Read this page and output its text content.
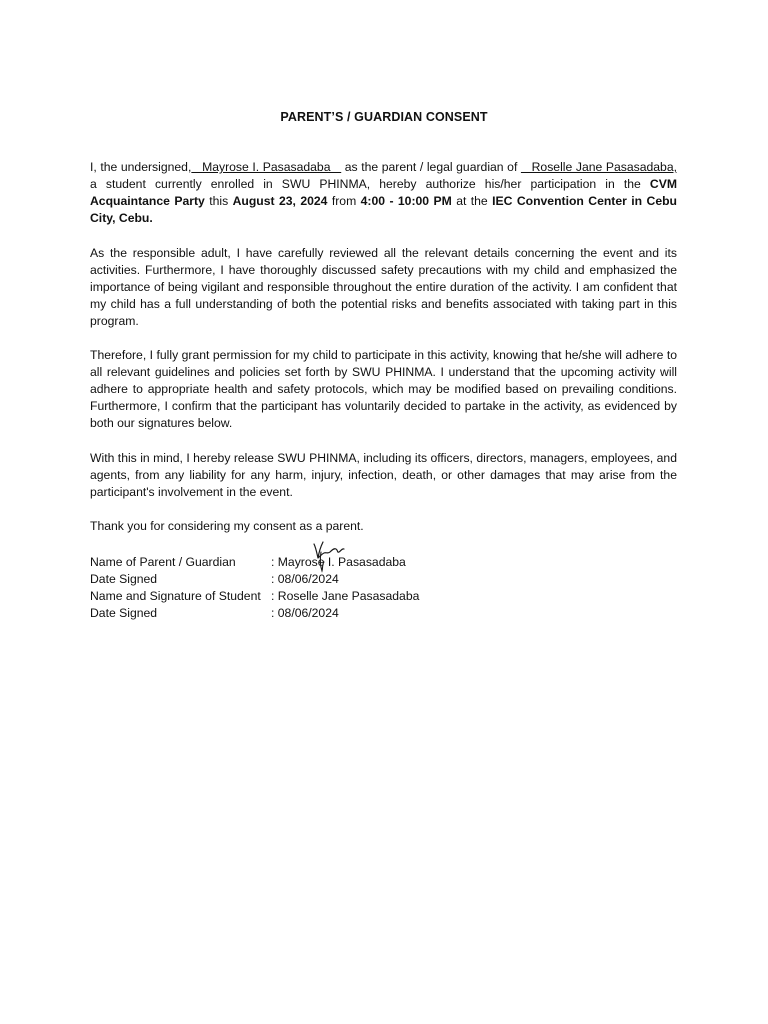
PARENT’S / GUARDIAN CONSENT

I, the undersigned,   Mayrose I. Pasasadaba    as the parent / legal guardian of    Roselle Jane Pasasadaba, a student currently enrolled in SWU PHINMA, hereby authorize his/her participation in the CVM Acquaintance Party this August 23, 2024 from 4:00 - 10:00 PM at the IEC Convention Center in Cebu City, Cebu.

As the responsible adult, I have carefully reviewed all the relevant details concerning the event and its activities. Furthermore, I have thoroughly discussed safety precautions with my child and emphasized the importance of being vigilant and responsible throughout the entire duration of the activity. I am confident that my child has a full understanding of both the potential risks and benefits associated with taking part in this program.

Therefore, I fully grant permission for my child to participate in this activity, knowing that he/she will adhere to all relevant guidelines and policies set forth by SWU PHINMA. I understand that the upcoming activity will adhere to appropriate health and safety protocols, which may be modified based on prevailing conditions. Furthermore, I confirm that the participant has voluntarily decided to partake in the activity, as evidenced by both our signatures below.

With this in mind, I hereby release SWU PHINMA, including its officers, directors, managers, employees, and agents, from any liability for any harm, injury, infection, death, or other damages that may arise from the participant's involvement in the event.

Thank you for considering my consent as a parent.

Name of Parent / Guardian	: Mayrose I. Pasasadaba
Date Signed	: 08/06/2024
Name and Signature of Student	: Roselle Jane Pasasadaba
Date Signed	: 08/06/2024
